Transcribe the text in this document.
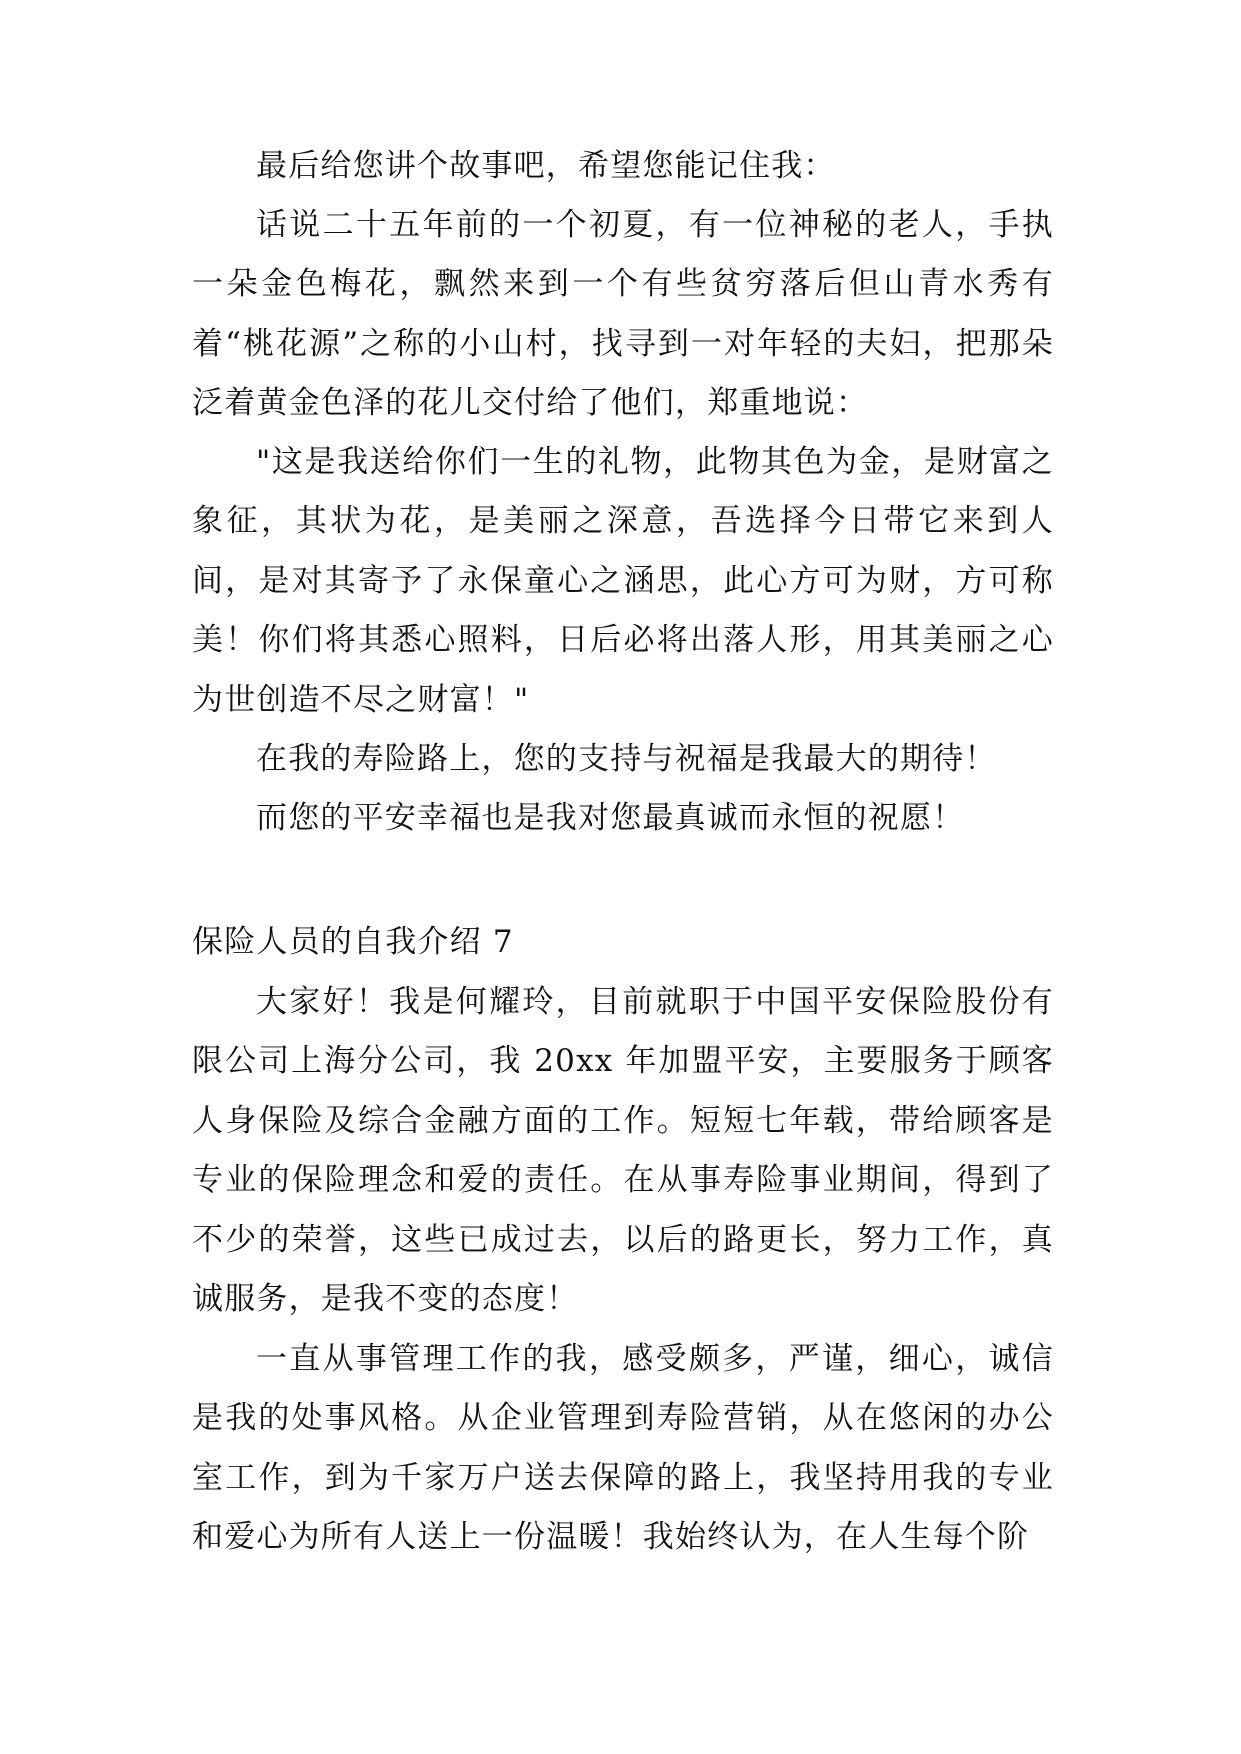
最后给您讲个故事吧，希望您能记住我：

话说二十五年前的一个初夏，有一位神秘的老人，手执一朵金色梅花，飘然来到一个有些贫穷落后但山青水秀有着“桃花源”之称的小山村，找寻到一对年轻的夫妇，把那朵泛着黄金色泽的花儿交付给了他们，郑重地说：

"这是我送给你们一生的礼物，此物其色为金，是财富之象征，其状为花，是美丽之深意，吾选择今日带它来到人间，是对其寄予了永保童心之涵思，此心方可为财，方可称美！你们将其悉心照料，日后必将出落人形，用其美丽之心为世创造不尽之财富！"

在我的寿险路上，您的支持与祝福是我最大的期待！

而您的平安幸福也是我对您最真诚而永恒的祝愿！

保险人员的自我介绍 7

大家好！我是何耀玲，目前就职于中国平安保险股份有限公司上海分公司，我 20xx 年加盟平安，主要服务于顾客人身保险及综合金融方面的工作。短短七年载，带给顾客是专业的保险理念和爱的责任。在从事寿险事业期间，得到了不少的荣誉，这些已成过去，以后的路更长，努力工作，真诚服务，是我不变的态度！

一直从事管理工作的我，感受颇多，严谨，细心，诚信是我的处事风格。从企业管理到寿险营销，从在悠闲的办公室工作，到为千家万户送去保障的路上，我坚持用我的专业和爱心为所有人送上一份温暖！我始终认为，在人生每个阶
